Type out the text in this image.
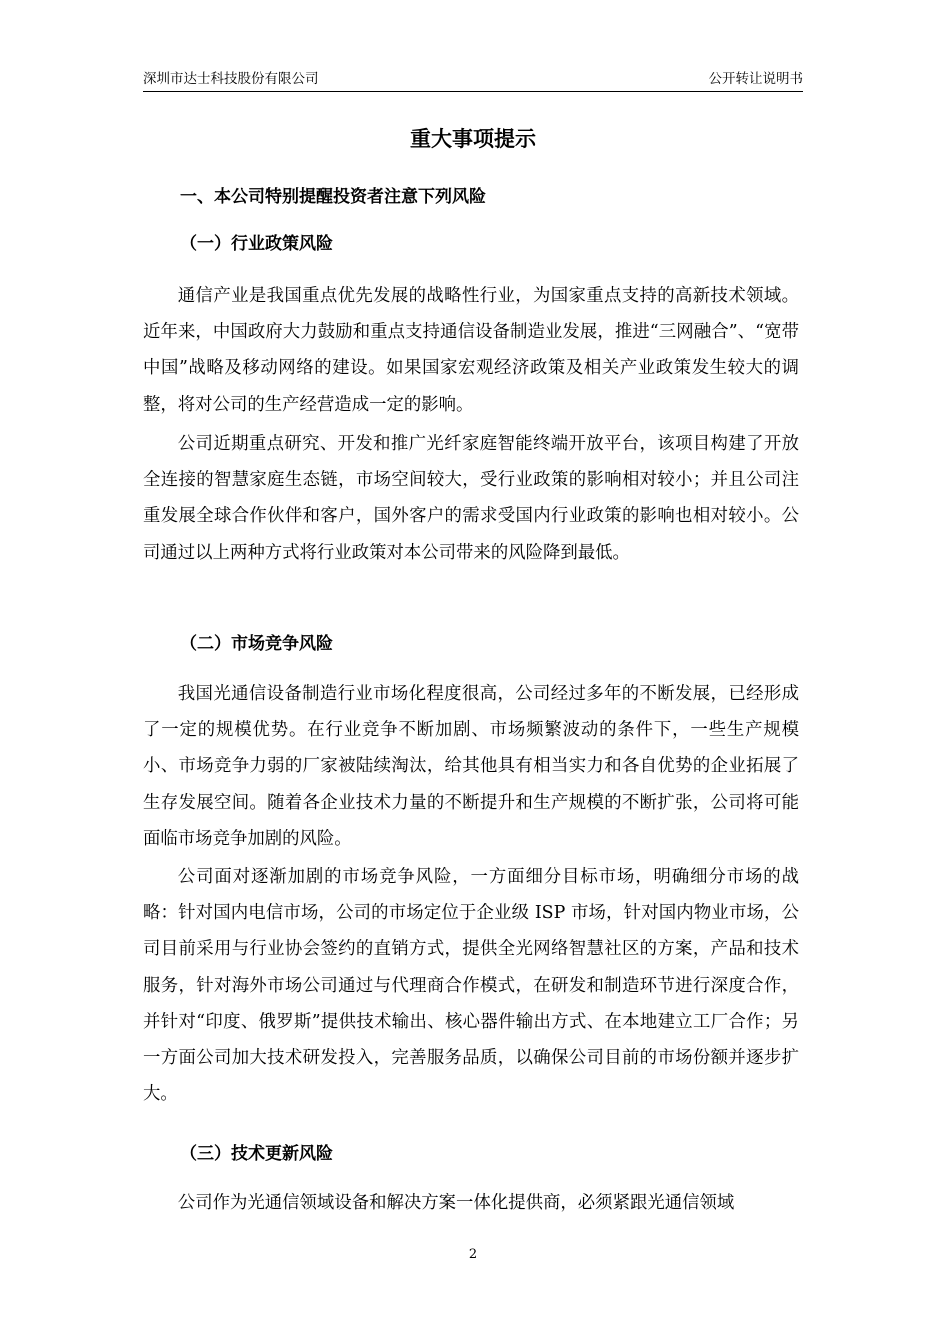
深圳市达士科技股份有限公司	公开转让说明书
重大事项提示
一、本公司特别提醒投资者注意下列风险
（一）行业政策风险

通信产业是我国重点优先发展的战略性行业，为国家重点支持的高新技术领域。近年来，中国政府大力鼓励和重点支持通信设备制造业发展，推进“三网融合”、“宽带中国”战略及移动网络的建设。如果国家宏观经济政策及相关产业政策发生较大的调整，将对公司的生产经营造成一定的影响。

公司近期重点研究、开发和推广光纤家庭智能终端开放平台，该项目构建了开放全连接的智慧家庭生态链，市场空间较大，受行业政策的影响相对较小；并且公司注重发展全球合作伙伴和客户，国外客户的需求受国内行业政策的影响也相对较小。公司通过以上两种方式将行业政策对本公司带来的风险降到最低。

（二）市场竞争风险

我国光通信设备制造行业市场化程度很高，公司经过多年的不断发展，已经形成了一定的规模优势。在行业竞争不断加剧、市场频繁波动的条件下，一些生产规模小、市场竞争力弱的厂家被陆续淘汰，给其他具有相当实力和各自优势的企业拓展了生存发展空间。随着各企业技术力量的不断提升和生产规模的不断扩张，公司将可能面临市场竞争加剧的风险。

公司面对逐渐加剧的市场竞争风险，一方面细分目标市场，明确细分市场的战略：针对国内电信市场，公司的市场定位于企业级 ISP 市场，针对国内物业市场，公司目前采用与行业协会签约的直销方式，提供全光网络智慧社区的方案，产品和技术服务，针对海外市场公司通过与代理商合作模式，在研发和制造环节进行深度合作，并针对“印度、俄罗斯”提供技术输出、核心器件输出方式、在本地建立工厂合作；另一方面公司加大技术研发投入，完善服务品质，以确保公司目前的市场份额并逐步扩大。

（三）技术更新风险

公司作为光通信领域设备和解决方案一体化提供商，必须紧跟光通信领域

2
